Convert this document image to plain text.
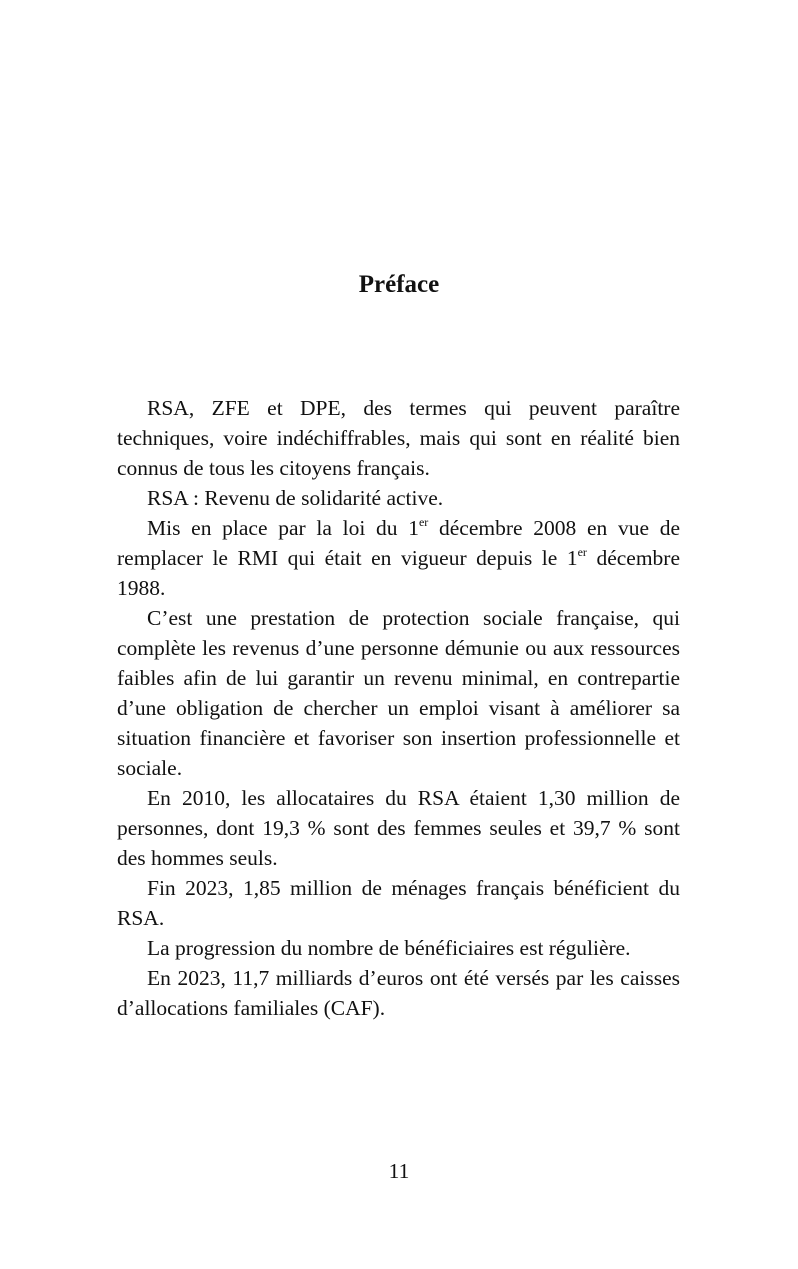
Préface

RSA, ZFE et DPE, des termes qui peuvent paraître techniques, voire indéchiffrables, mais qui sont en réalité bien connus de tous les citoyens français.

RSA : Revenu de solidarité active.

Mis en place par la loi du 1er décembre 2008 en vue de remplacer le RMI qui était en vigueur depuis le 1er décembre 1988.

C’est une prestation de protection sociale française, qui complète les revenus d’une personne démunie ou aux ressources faibles afin de lui garantir un revenu minimal, en contrepartie d’une obligation de chercher un emploi visant à améliorer sa situation financière et favoriser son insertion professionnelle et sociale.

En 2010, les allocataires du RSA étaient 1,30 million de personnes, dont 19,3 % sont des femmes seules et 39,7 % sont des hommes seuls.

Fin 2023, 1,85 million de ménages français bénéficient du RSA.

La progression du nombre de bénéficiaires est régulière.

En 2023, 11,7 milliards d’euros ont été versés par les caisses d’allocations familiales (CAF).

11
